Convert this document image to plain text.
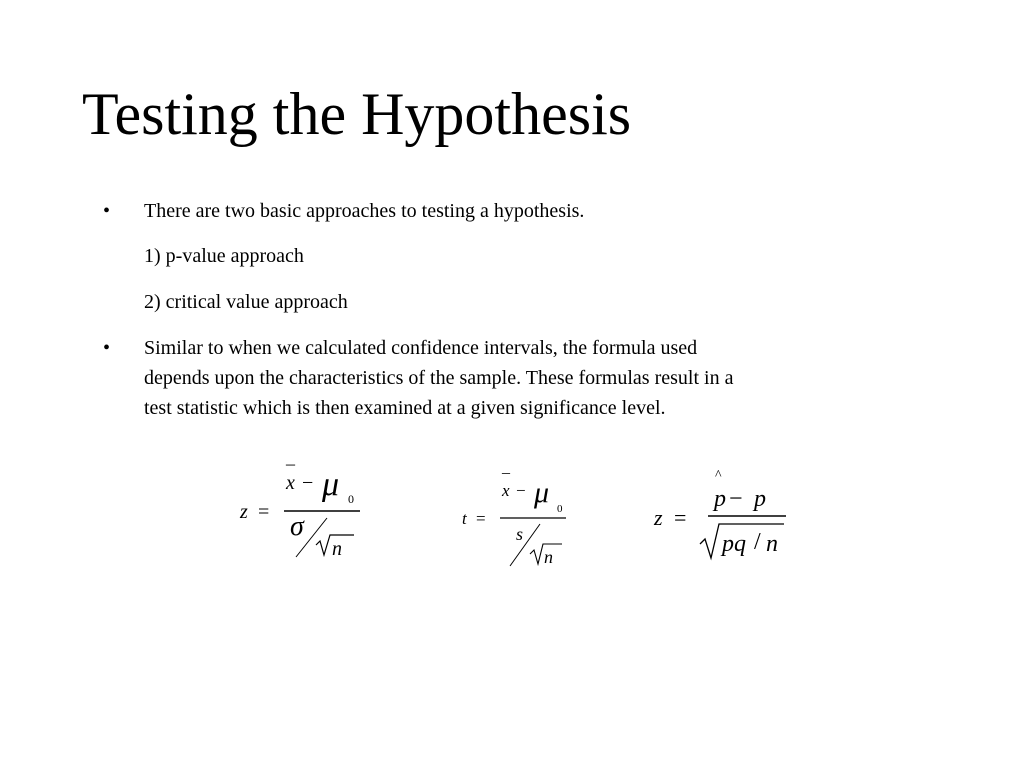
Testing the Hypothesis
• There are two basic approaches to testing a hypothesis.
1) p-value approach
2) critical value approach
• Similar to when we calculated confidence intervals, the formula used
depends upon the characteristics of the sample. These formulas result in a
test statistic which is then examined at a given significance level.
z =
_
x − μ 0
σ
n
t =
_
x − μ 0
s
n
z =
^
p − p
pq / n
